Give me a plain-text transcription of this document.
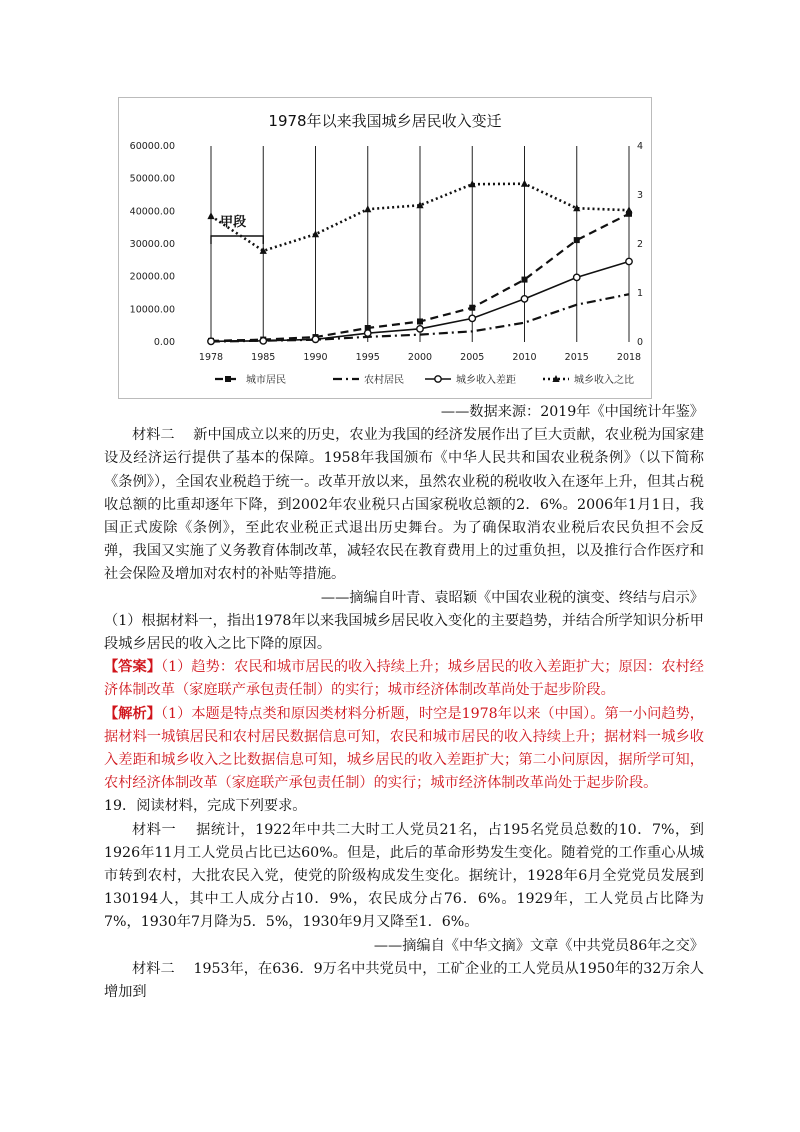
1978年以来我国城乡居民收入变迁
1978	1985	1990	1995	2000	2005	2010	2015	2018
60000.00
50000.00
40000.00
30000.00
20000.00
10000.00
0.00
4
3
2
1
0
甲段
城市居民	农村居民	城乡收入差距	城乡收入之比

——数据来源：2019年《中国统计年鉴》

材料二　 新中国成立以来的历史，农业为我国的经济发展作出了巨大贡献，农业税为国家建设及经济运行提供了基本的保障。1958年我国颁布《中华人民共和国农业税条例》（以下简称《条例》），全国农业税趋于统一。改革开放以来，虽然农业税的税收收入在逐年上升，但其占税收总额的比重却逐年下降，到2002年农业税只占国家税收总额的2．6%。2006年1月1日，我国正式废除《条例》，至此农业税正式退出历史舞台。为了确保取消农业税后农民负担不会反弹，我国又实施了义务教育体制改革，减轻农民在教育费用上的过重负担，以及推行合作医疗和社会保险及增加对农村的补贴等措施。

——摘编自叶青、袁昭颖《中国农业税的演变、终结与启示》

（1）根据材料一，指出1978年以来我国城乡居民收入变化的主要趋势，并结合所学知识分析甲段城乡居民的收入之比下降的原因。

【答案】（1）趋势：农民和城市居民的收入持续上升；城乡居民的收入差距扩大；原因：农村经济体制改革（家庭联产承包责任制）的实行；城市经济体制改革尚处于起步阶段。

【解析】（1）本题是特点类和原因类材料分析题，时空是1978年以来（中国）。第一小问趋势，据材料一城镇居民和农村居民数据信息可知，农民和城市居民的收入持续上升；据材料一城乡收入差距和城乡收入之比数据信息可知，城乡居民的收入差距扩大；第二小问原因，据所学可知，农村经济体制改革（家庭联产承包责任制）的实行；城市经济体制改革尚处于起步阶段。

19．阅读材料，完成下列要求。

材料一　 据统计，1922年中共二大时工人党员21名，占195名党员总数的10．7%，到1926年11月工人党员占比已达60%。但是，此后的革命形势发生变化。随着党的工作重心从城市转到农村，大批农民入党，使党的阶级构成发生变化。据统计，1928年6月全党党员发展到130194人，其中工人成分占10．9%，农民成分占76．6%。1929年，工人党员占比降为7%，1930年7月降为5．5%，1930年9月又降至1．6%。

——摘编自《中华文摘》文章《中共党员86年之交》

材料二　 1953年，在636．9万名中共党员中，工矿企业的工人党员从1950年的32万余人增加到
